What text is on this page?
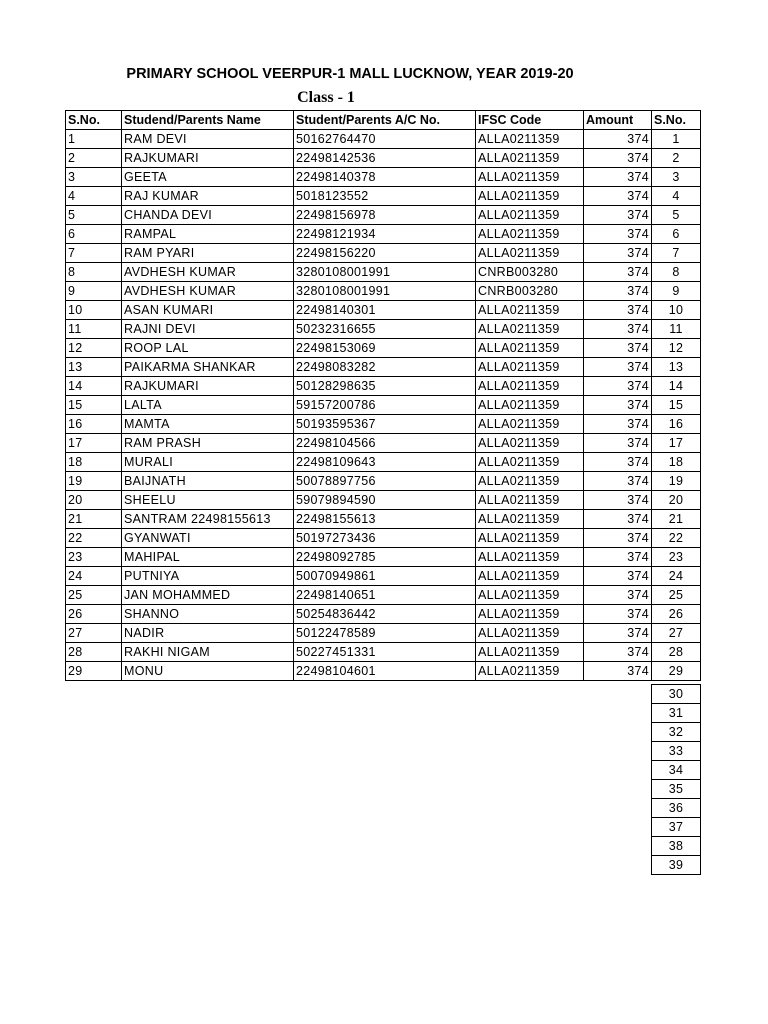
PRIMARY SCHOOL VEERPUR-1 MALL LUCKNOW, YEAR 2019-20
Class - 1
S.No.	Studend/Parents Name	Student/Parents A/C No.	IFSC Code	Amount	S.No.
1	RAM DEVI	50162764470	ALLA0211359	374	1
2	RAJKUMARI	22498142536	ALLA0211359	374	2
3	GEETA	22498140378	ALLA0211359	374	3
4	RAJ KUMAR	5018123552	ALLA0211359	374	4
5	CHANDA DEVI	22498156978	ALLA0211359	374	5
6	RAMPAL	22498121934	ALLA0211359	374	6
7	RAM PYARI	22498156220	ALLA0211359	374	7
8	AVDHESH KUMAR	3280108001991	CNRB003280	374	8
9	AVDHESH KUMAR	3280108001991	CNRB003280	374	9
10	ASAN KUMARI	22498140301	ALLA0211359	374	10
11	RAJNI DEVI	50232316655	ALLA0211359	374	11
12	ROOP LAL	22498153069	ALLA0211359	374	12
13	PAIKARMA SHANKAR	22498083282	ALLA0211359	374	13
14	RAJKUMARI	50128298635	ALLA0211359	374	14
15	LALTA	59157200786	ALLA0211359	374	15
16	MAMTA	50193595367	ALLA0211359	374	16
17	RAM PRASH	22498104566	ALLA0211359	374	17
18	MURALI	22498109643	ALLA0211359	374	18
19	BAIJNATH	50078897756	ALLA0211359	374	19
20	SHEELU	59079894590	ALLA0211359	374	20
21	SANTRAM 22498155613	22498155613	ALLA0211359	374	21
22	GYANWATI	50197273436	ALLA0211359	374	22
23	MAHIPAL	22498092785	ALLA0211359	374	23
24	PUTNIYA	50070949861	ALLA0211359	374	24
25	JAN MOHAMMED	22498140651	ALLA0211359	374	25
26	SHANNO	50254836442	ALLA0211359	374	26
27	NADIR	50122478589	ALLA0211359	374	27
28	RAKHI NIGAM	50227451331	ALLA0211359	374	28
29	MONU	22498104601	ALLA0211359	374	29
30
31
32
33
34
35
36
37
38
39
